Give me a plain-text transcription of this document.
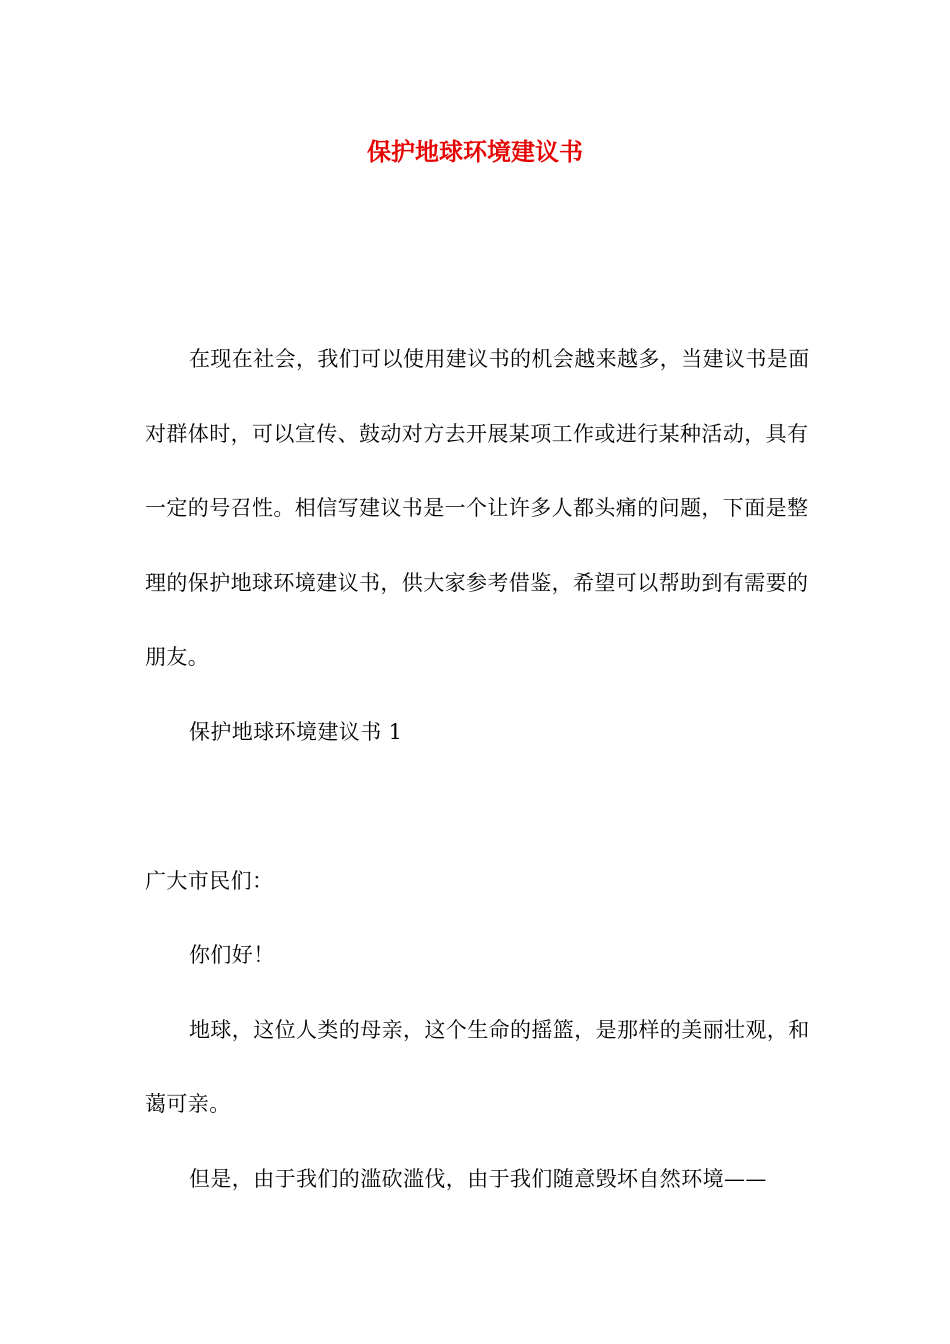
保护地球环境建议书

在现在社会，我们可以使用建议书的机会越来越多，当建议书是面对群体时，可以宣传、鼓动对方去开展某项工作或进行某种活动，具有一定的号召性。相信写建议书是一个让许多人都头痛的问题，下面是整理的保护地球环境建议书，供大家参考借鉴，希望可以帮助到有需要的朋友。

保护地球环境建议书 1

广大市民们：

你们好！

地球，这位人类的母亲，这个生命的摇篮，是那样的美丽壮观，和蔼可亲。

但是，由于我们的滥砍滥伐，由于我们随意毁坏自然环境——
